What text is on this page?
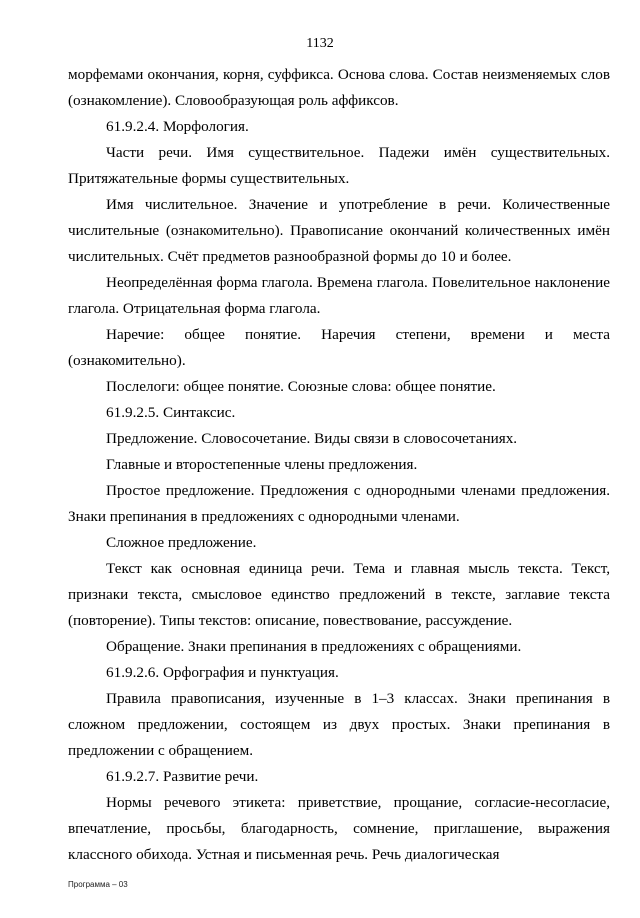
1132

морфемами окончания, корня, суффикса. Основа слова. Состав неизменяемых слов (ознакомление). Словообразующая роль аффиксов.

61.9.2.4. Морфология.

Части речи. Имя существительное. Падежи имён существительных. Притяжательные формы существительных.

Имя числительное. Значение и употребление в речи. Количественные числительные (ознакомительно). Правописание окончаний количественных имён числительных. Счёт предметов разнообразной формы до 10 и более.

Неопределённая форма глагола. Времена глагола. Повелительное наклонение глагола. Отрицательная форма глагола.

Наречие: общее понятие. Наречия степени, времени и места (ознакомительно).

Послелоги: общее понятие. Союзные слова: общее понятие.

61.9.2.5. Синтаксис.

Предложение. Словосочетание. Виды связи в словосочетаниях.

Главные и второстепенные члены предложения.

Простое предложение. Предложения с однородными членами предложения. Знаки препинания в предложениях с однородными членами.

Сложное предложение.

Текст как основная единица речи. Тема и главная мысль текста. Текст, признаки текста, смысловое единство предложений в тексте, заглавие текста (повторение). Типы текстов: описание, повествование, рассуждение.

Обращение. Знаки препинания в предложениях с обращениями.

61.9.2.6. Орфография и пунктуация.

Правила правописания, изученные в 1–3 классах. Знаки препинания в сложном предложении, состоящем из двух простых. Знаки препинания в предложении с обращением.

61.9.2.7. Развитие речи.

Нормы речевого этикета: приветствие, прощание, согласие-несогласие, впечатление, просьбы, благодарность, сомнение, приглашение, выражения классного обихода. Устная и письменная речь. Речь диалогическая

Программа – 03
